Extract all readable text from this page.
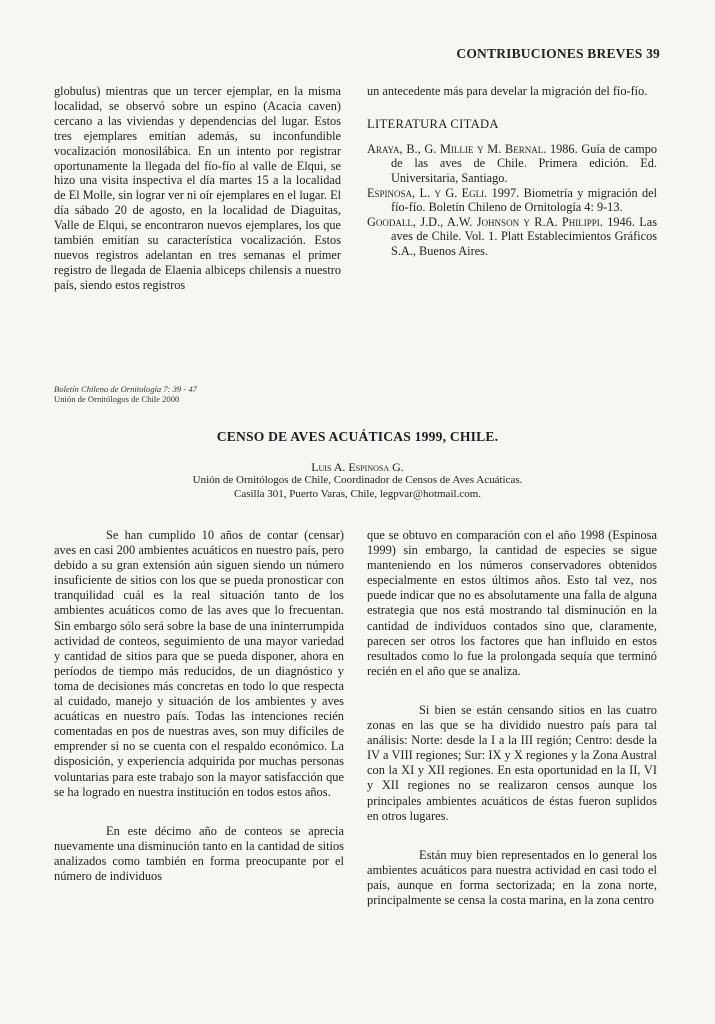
CONTRIBUCIONES BREVES 39

globulus) mientras que un tercer ejemplar, en la misma localidad, se observó sobre un espino (Acacia caven) cercano a las viviendas y dependencias del lugar. Estos tres ejemplares emitían además, su inconfundible vocalización monosilábica. En un intento por registrar oportunamente la llegada del fío-fío al valle de Elqui, se hizo una visita inspectiva el día martes 15 a la localidad de El Molle, sin lograr ver ni oír ejemplares en el lugar. El día sábado 20 de agosto, en la localidad de Diaguitas, Valle de Elqui, se encontraron nuevos ejemplares, los que también emitían su característica vocalización. Estos nuevos registros adelantan en tres semanas el primer registro de llegada de Elaenia albiceps chilensis a nuestro país, siendo estos registros

un antecedente más para develar la migración del fío-fío.

LITERATURA CITADA

Araya, B., G. Millie y M. Bernal. 1986. Guía de campo de las aves de Chile. Primera edición. Ed. Universitaria, Santiago.

Espinosa, L. y G. Egli. 1997. Biometría y migración del fío-fío. Boletín Chileno de Ornitología 4: 9-13.

Goodall, J.D., A.W. Johnson y R.A. Philippi. 1946. Las aves de Chile. Vol. 1. Platt Establecimientos Gráficos S.A., Buenos Aires.

Boletín Chileno de Ornitología 7: 39 - 47
Unión de Ornitólogos de Chile 2000
CENSO DE AVES ACUÁTICAS 1999, CHILE.
Luis A. Espinosa G.
Unión de Ornitólogos de Chile, Coordinador de Censos de Aves Acuáticas.
Casilla 301, Puerto Varas, Chile, legpvar@hotmail.com.

Se han cumplido 10 años de contar (censar) aves en casi 200 ambientes acuáticos en nuestro país, pero debido a su gran extensión aún siguen siendo un número insuficiente de sitios con los que se pueda pronosticar con tranquilidad cuál es la real situación tanto de los ambientes acuáticos como de las aves que lo frecuentan. Sin embargo sólo será sobre la base de una ininterrumpida actividad de conteos, seguimiento de una mayor variedad y cantidad de sitios para que se pueda disponer, ahora en períodos de tiempo más reducidos, de un diagnóstico y toma de decisiones más concretas en todo lo que respecta al cuidado, manejo y situación de los ambientes y aves acuáticas en nuestro país. Todas las intenciones recién comentadas en pos de nuestras aves, son muy difíciles de emprender si no se cuenta con el respaldo económico. La disposición, y experiencia adquirida por muchas personas voluntarias para este trabajo son la mayor satisfacción que se ha logrado en nuestra institución en todos estos años.

En este décimo año de conteos se aprecia nuevamente una disminución tanto en la cantidad de sitios analizados como también en forma preocupante por el número de individuos

que se obtuvo en comparación con el año 1998 (Espinosa 1999) sin embargo, la cantidad de especies se sigue manteniendo en los números conservadores obtenidos especialmente en estos últimos años. Esto tal vez, nos puede indicar que no es absolutamente una falla de alguna estrategia que nos está mostrando tal disminución en la cantidad de individuos contados sino que, claramente, parecen ser otros los factores que han influido en estos resultados como lo fue la prolongada sequía que terminó recién en el año que se analiza.

Si bien se están censando sitios en las cuatro zonas en las que se ha dividido nuestro país para tal análisis: Norte: desde la I a la III región; Centro: desde la IV a VIII regiones; Sur: IX y X regiones y la Zona Austral con la XI y XII regiones. En esta oportunidad en la II, VI y XII regiones no se realizaron censos aunque los principales ambientes acuáticos de éstas fueron suplidos en otros lugares.

Están muy bien representados en lo general los ambientes acuáticos para nuestra actividad en casi todo el país, aunque en forma sectorizada; en la zona norte, principalmente se censa la costa marina, en la zona centro
